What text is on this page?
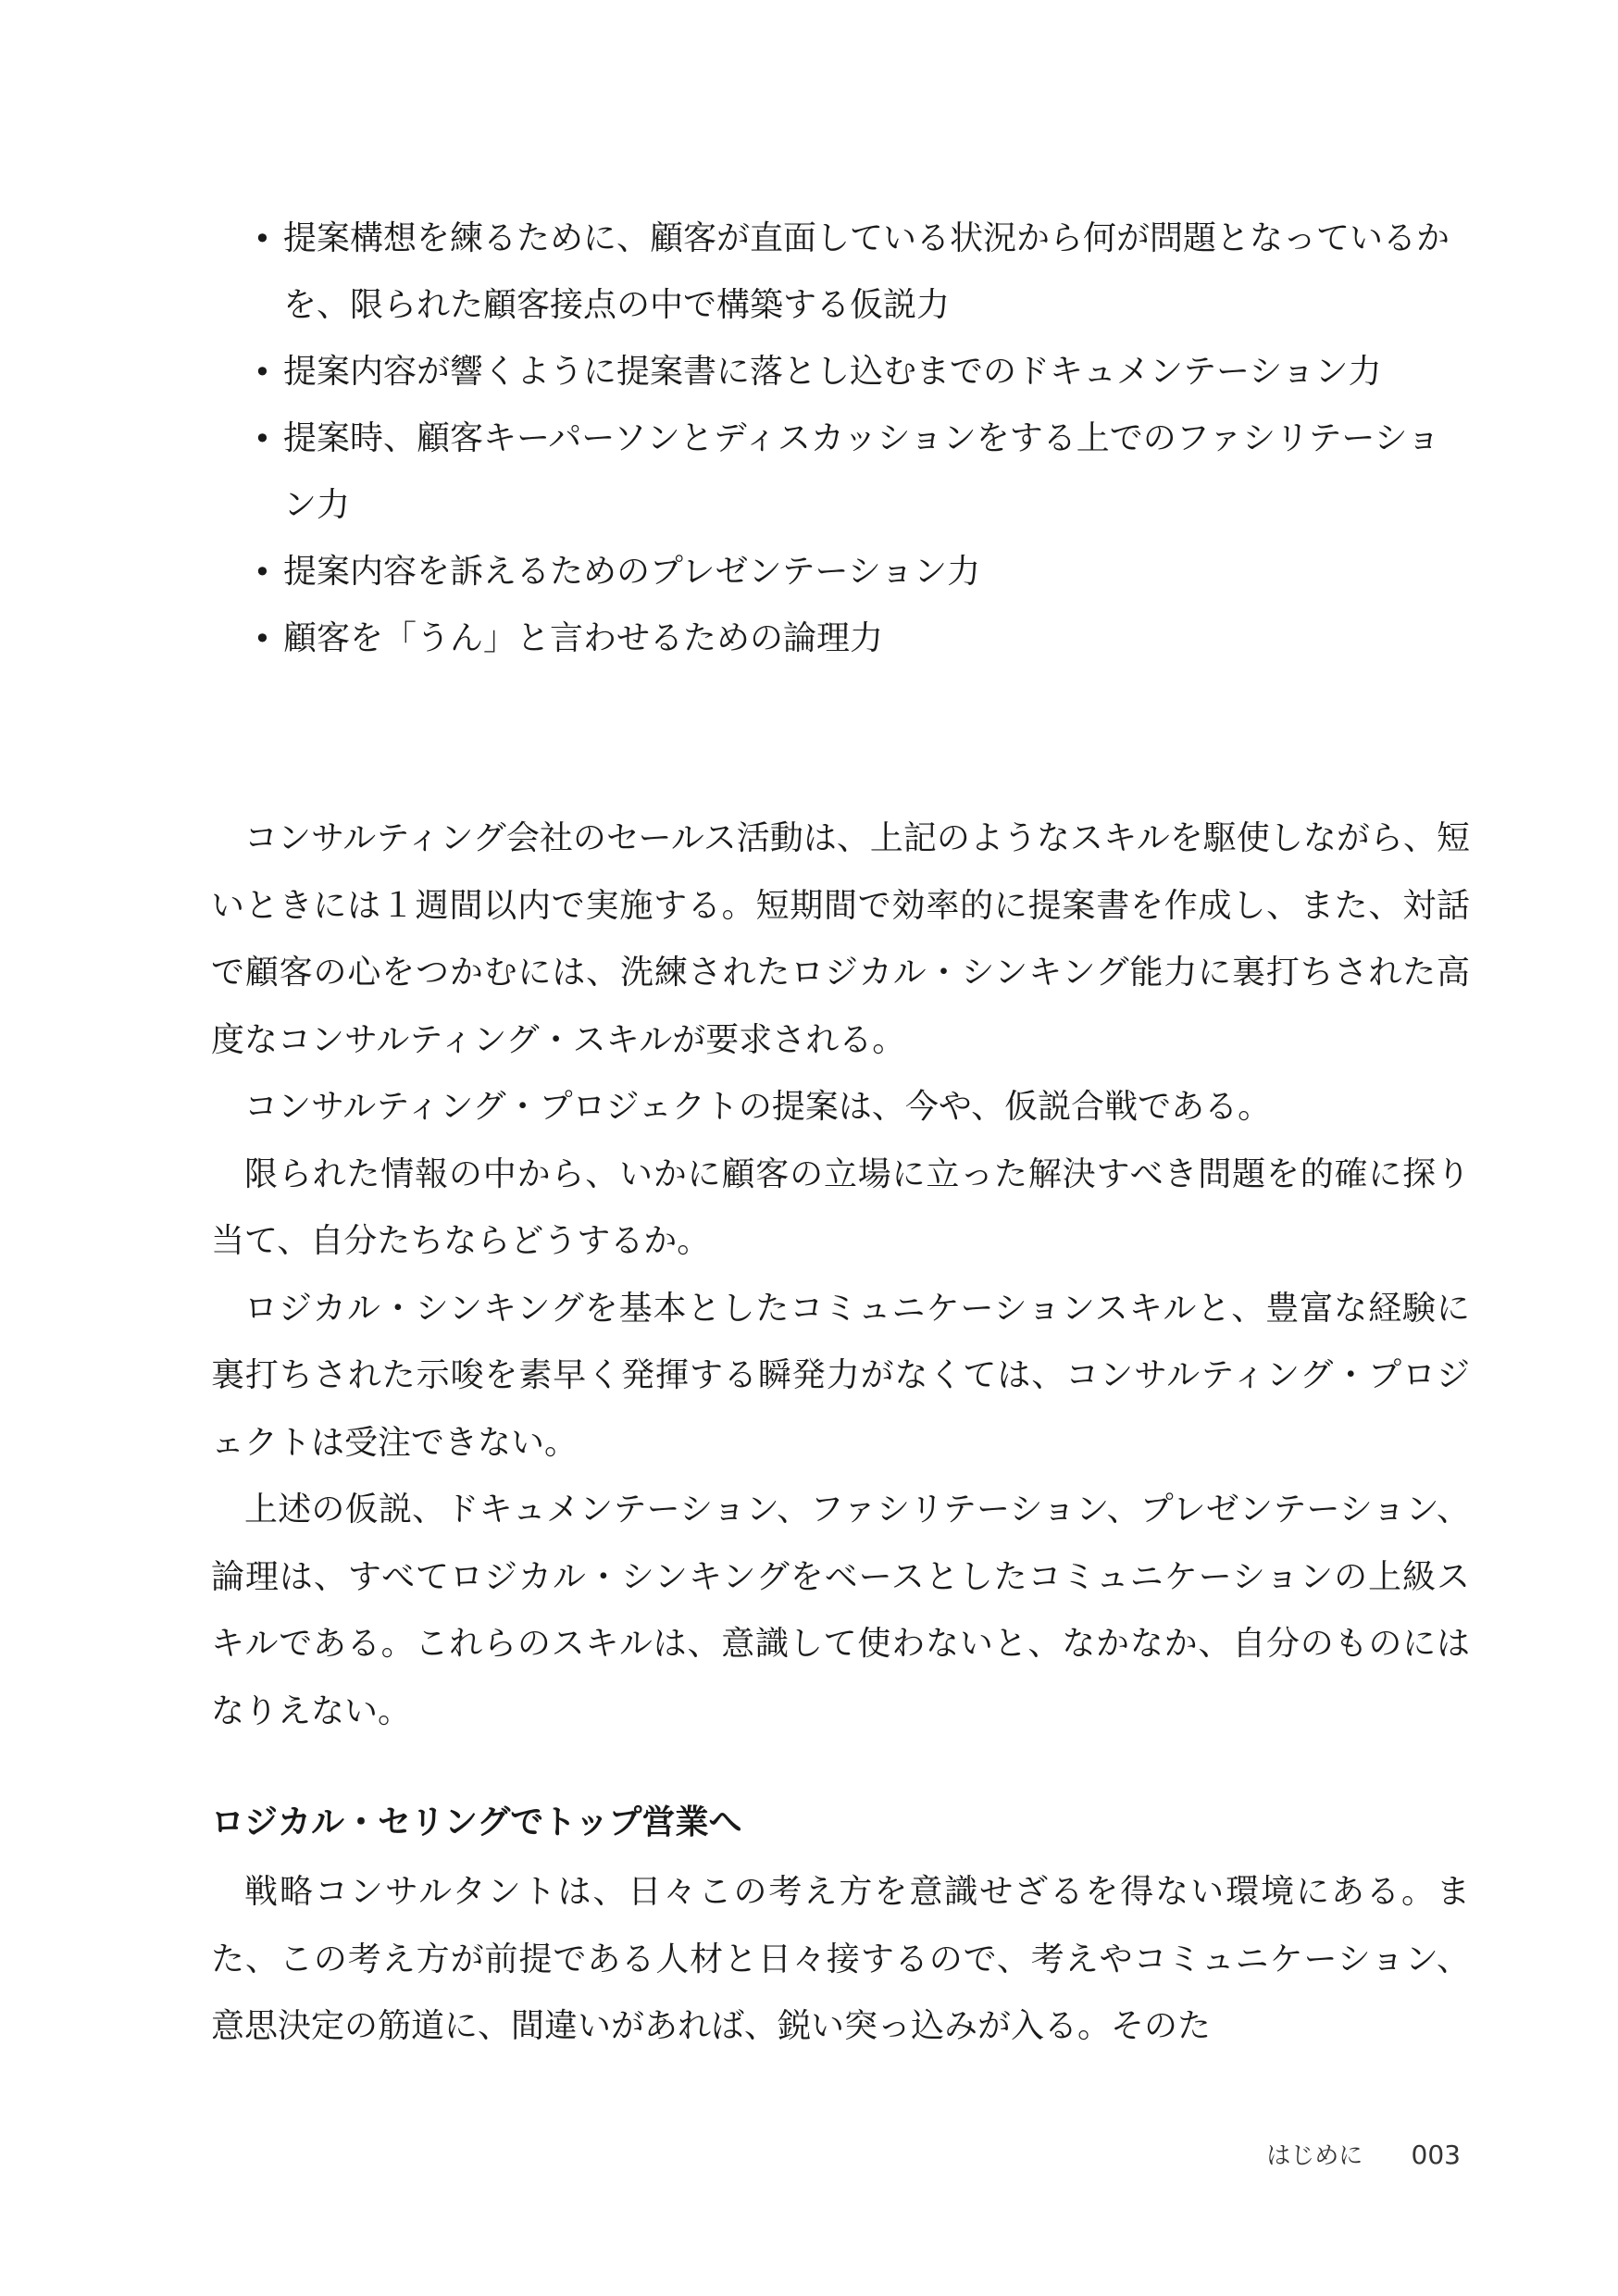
• 提案構想を練るために、顧客が直面している状況から何が問題となっているかを、限られた顧客接点の中で構築する仮説力
• 提案内容が響くように提案書に落とし込むまでのドキュメンテーション力
• 提案時、顧客キーパーソンとディスカッションをする上でのファシリテーション力
• 提案内容を訴えるためのプレゼンテーション力
• 顧客を「うん」と言わせるための論理力

コンサルティング会社のセールス活動は、上記のようなスキルを駆使しながら、短いときには１週間以内で実施する。短期間で効率的に提案書を作成し、また、対話で顧客の心をつかむには、洗練されたロジカル・シンキング能力に裏打ちされた高度なコンサルティング・スキルが要求される。

コンサルティング・プロジェクトの提案は、今や、仮説合戦である。

限られた情報の中から、いかに顧客の立場に立った解決すべき問題を的確に探り当て、自分たちならどうするか。

ロジカル・シンキングを基本としたコミュニケーションスキルと、豊富な経験に裏打ちされた示唆を素早く発揮する瞬発力がなくては、コンサルティング・プロジェクトは受注できない。

上述の仮説、ドキュメンテーション、ファシリテーション、プレゼンテーション、論理は、すべてロジカル・シンキングをベースとしたコミュニケーションの上級スキルである。これらのスキルは、意識して使わないと、なかなか、自分のものにはなりえない。

ロジカル・セリングでトップ営業へ

戦略コンサルタントは、日々この考え方を意識せざるを得ない環境にある。また、この考え方が前提である人材と日々接するので、考えやコミュニケーション、意思決定の筋道に、間違いがあれば、鋭い突っ込みが入る。そのた

はじめに 003
